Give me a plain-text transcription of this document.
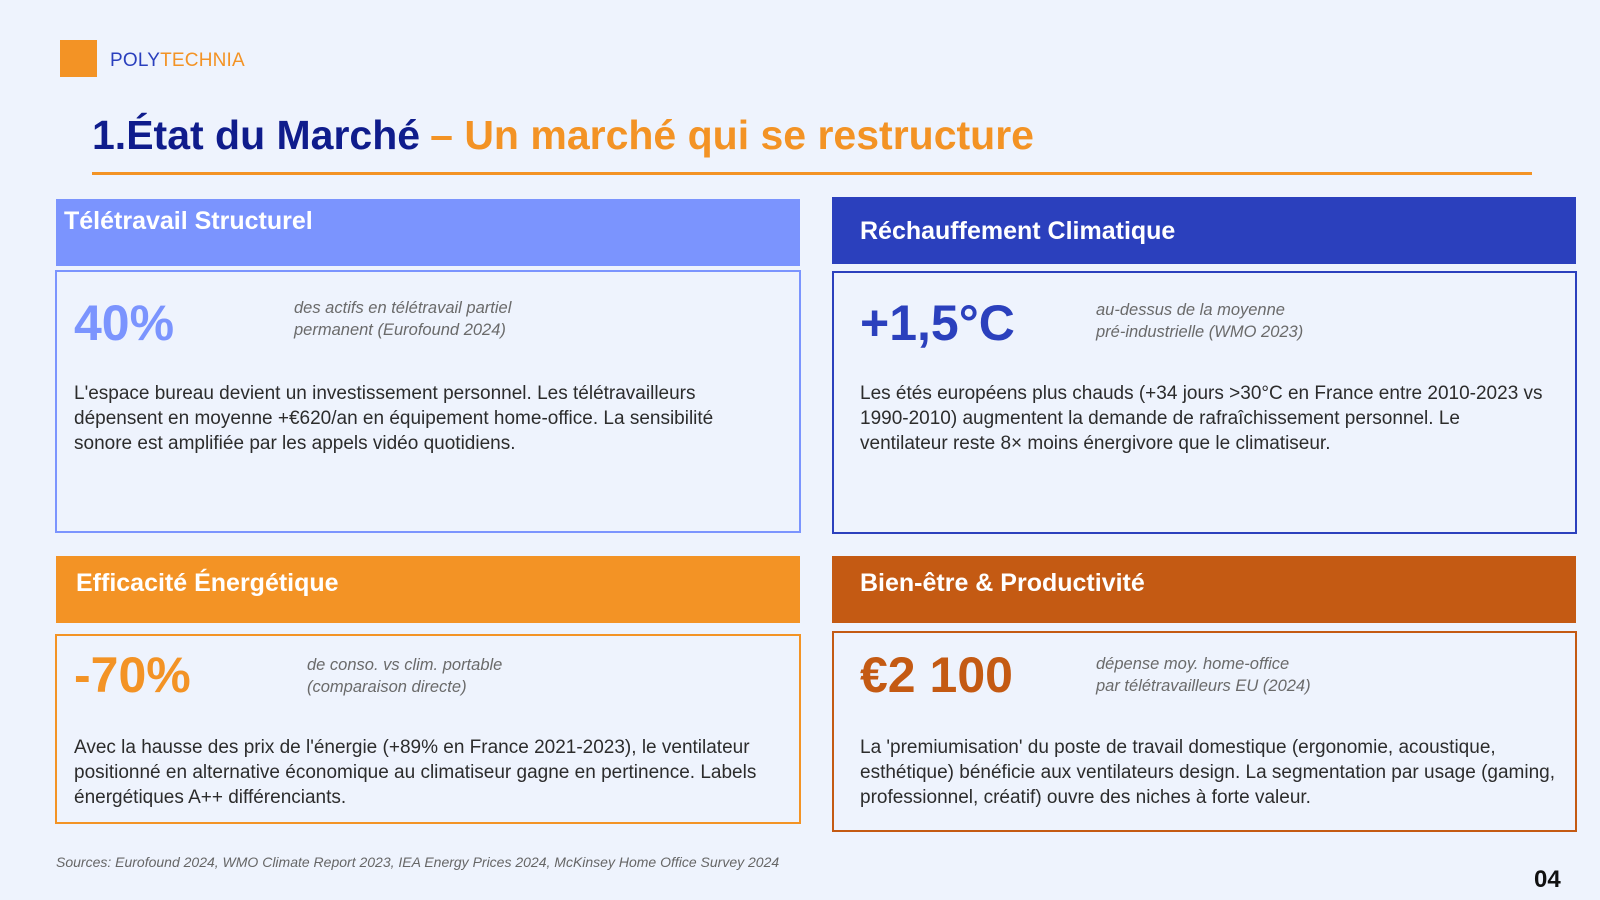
POLYTECHNIA
1.État du Marché – Un marché qui se restructure
Télétravail Structurel
40%	des actifs en télétravail partiel
permanent (Eurofound 2024)
L'espace bureau devient un investissement personnel. Les télétravailleurs dépensent en moyenne +€620/an en équipement home-office. La sensibilité sonore est amplifiée par les appels vidéo quotidiens.
Réchauffement Climatique
+1,5°C	au-dessus de la moyenne
pré-industrielle (WMO 2023)
Les étés européens plus chauds (+34 jours >30°C en France entre 2010-2023 vs 1990-2010) augmentent la demande de rafraîchissement personnel. Le ventilateur reste 8× moins énergivore que le climatiseur.
Efficacité Énergétique
-70%	de conso. vs clim. portable
(comparaison directe)
Avec la hausse des prix de l'énergie (+89% en France 2021-2023), le ventilateur positionné en alternative économique au climatiseur gagne en pertinence. Labels énergétiques A++ différenciants.
Bien-être & Productivité
€2 100	dépense moy. home-office
par télétravailleurs EU (2024)
La 'premiumisation' du poste de travail domestique (ergonomie, acoustique, esthétique) bénéficie aux ventilateurs design. La segmentation par usage (gaming, professionnel, créatif) ouvre des niches à forte valeur.
Sources: Eurofound 2024, WMO Climate Report 2023, IEA Energy Prices 2024, McKinsey Home Office Survey 2024
04
